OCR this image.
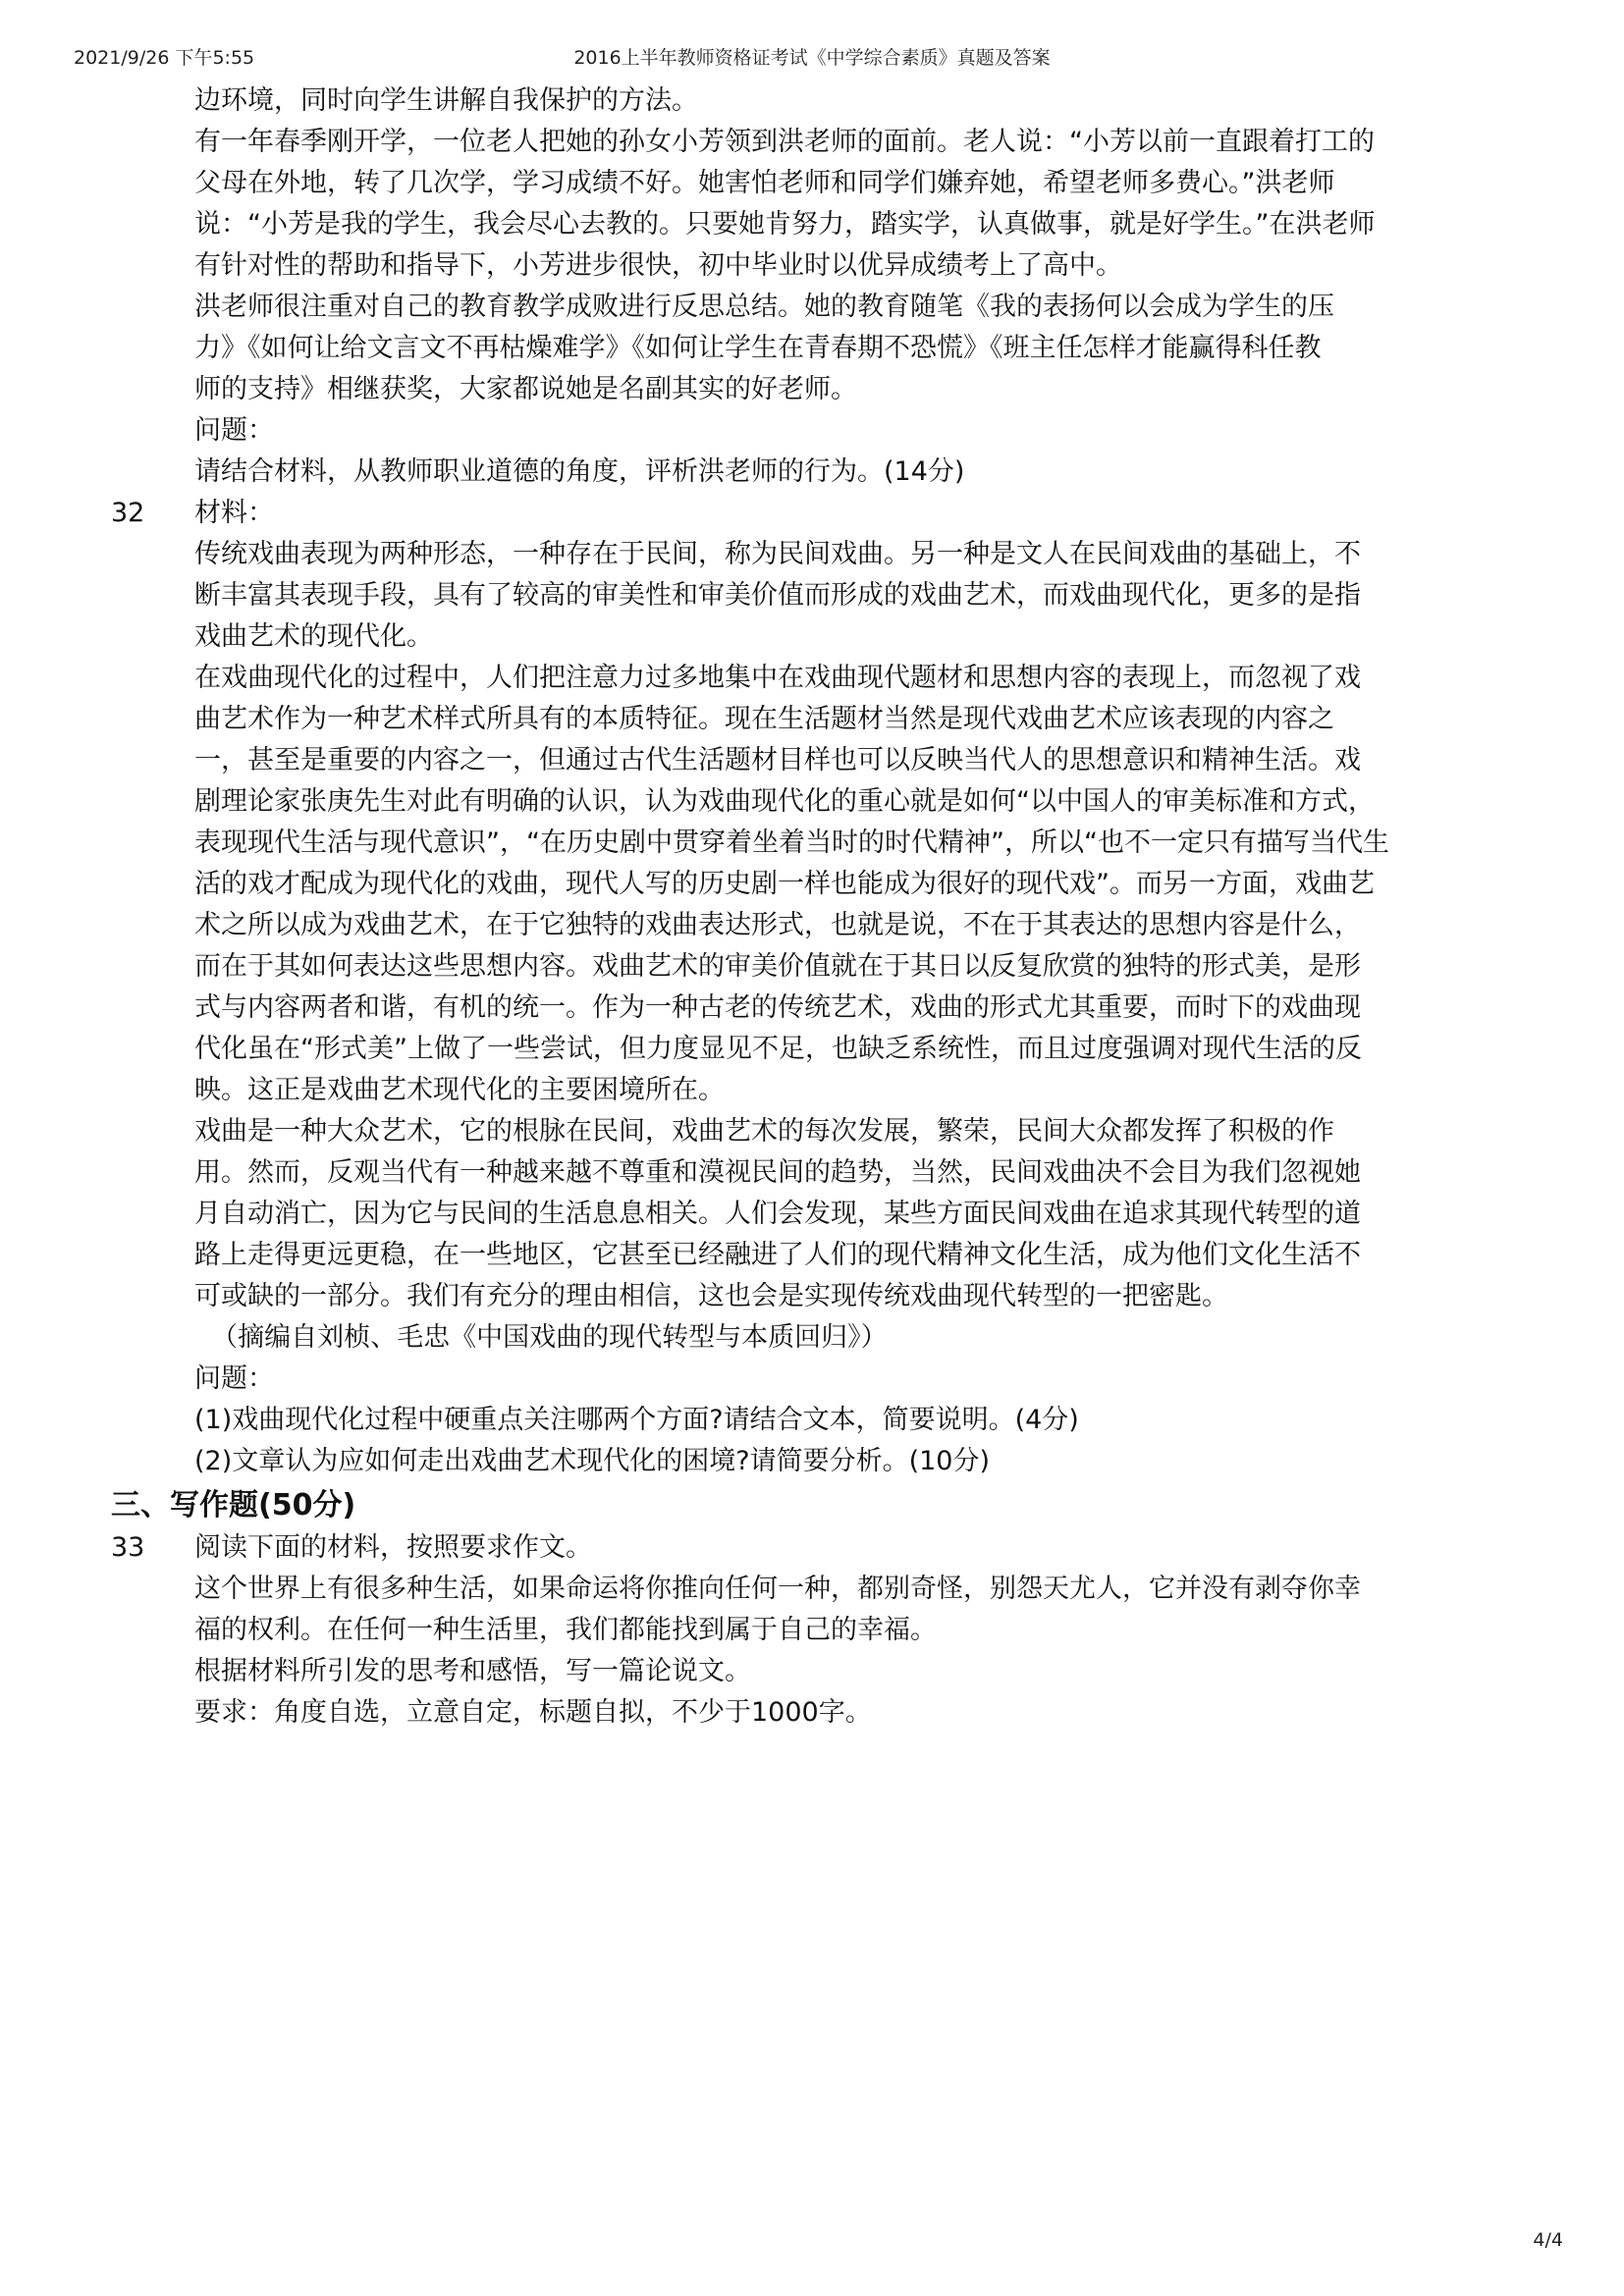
2021/9/26 下午5:55	2016上半年教师资格证考试《中学综合素质》真题及答案
边环境，同时向学生讲解自我保护的方法。
有一年春季刚开学，一位老人把她的孙女小芳领到洪老师的面前。老人说：“小芳以前一直跟着打工的
父母在外地，转了几次学，学习成绩不好。她害怕老师和同学们嫌弃她，希望老师多费心。”洪老师
说：“小芳是我的学生，我会尽心去教的。只要她肯努力，踏实学，认真做事，就是好学生。”在洪老师
有针对性的帮助和指导下，小芳进步很快，初中毕业时以优异成绩考上了高中。
洪老师很注重对自己的教育教学成败进行反思总结。她的教育随笔《我的表扬何以会成为学生的压
力》《如何让给文言文不再枯燥难学》《如何让学生在青春期不恐慌》《班主任怎样才能赢得科任教
师的支持》相继获奖，大家都说她是名副其实的好老师。
问题：
请结合材料，从教师职业道德的角度，评析洪老师的行为。(14分)
32	材料：
传统戏曲表现为两种形态，一种存在于民间，称为民间戏曲。另一种是文人在民间戏曲的基础上，不
断丰富其表现手段，具有了较高的审美性和审美价值而形成的戏曲艺术，而戏曲现代化，更多的是指
戏曲艺术的现代化。
在戏曲现代化的过程中，人们把注意力过多地集中在戏曲现代题材和思想内容的表现上，而忽视了戏
曲艺术作为一种艺术样式所具有的本质特征。现在生活题材当然是现代戏曲艺术应该表现的内容之
一，甚至是重要的内容之一，但通过古代生活题材目样也可以反映当代人的思想意识和精神生活。戏
剧理论家张庚先生对此有明确的认识，认为戏曲现代化的重心就是如何“以中国人的审美标准和方式，
表现现代生活与现代意识”，“在历史剧中贯穿着坐着当时的时代精神”，所以“也不一定只有描写当代生
活的戏才配成为现代化的戏曲，现代人写的历史剧一样也能成为很好的现代戏”。而另一方面，戏曲艺
术之所以成为戏曲艺术，在于它独特的戏曲表达形式，也就是说，不在于其表达的思想内容是什么，
而在于其如何表达这些思想内容。戏曲艺术的审美价值就在于其日以反复欣赏的独特的形式美，是形
式与内容两者和谐，有机的统一。作为一种古老的传统艺术，戏曲的形式尤其重要，而时下的戏曲现
代化虽在“形式美”上做了一些尝试，但力度显见不足，也缺乏系统性，而且过度强调对现代生活的反
映。这正是戏曲艺术现代化的主要困境所在。
戏曲是一种大众艺术，它的根脉在民间，戏曲艺术的每次发展，繁荣，民间大众都发挥了积极的作
用。然而，反观当代有一种越来越不尊重和漠视民间的趋势，当然，民间戏曲决不会目为我们忽视她
月自动消亡，因为它与民间的生活息息相关。人们会发现，某些方面民间戏曲在追求其现代转型的道
路上走得更远更稳，在一些地区，它甚至已经融进了人们的现代精神文化生活，成为他们文化生活不
可或缺的一部分。我们有充分的理由相信，这也会是实现传统戏曲现代转型的一把密匙。
（摘编自刘桢、毛忠《中国戏曲的现代转型与本质回归》）
问题：
(1)戏曲现代化过程中硬重点关注哪两个方面?请结合文本，简要说明。(4分)
(2)文章认为应如何走出戏曲艺术现代化的困境?请简要分析。(10分)
三、写作题(50分)
33	阅读下面的材料，按照要求作文。
这个世界上有很多种生活，如果命运将你推向任何一种，都别奇怪，别怨天尤人，它并没有剥夺你幸
福的权利。在任何一种生活里，我们都能找到属于自己的幸福。
根据材料所引发的思考和感悟，写一篇论说文。
要求：角度自选，立意自定，标题自拟，不少于1000字。
4/4
